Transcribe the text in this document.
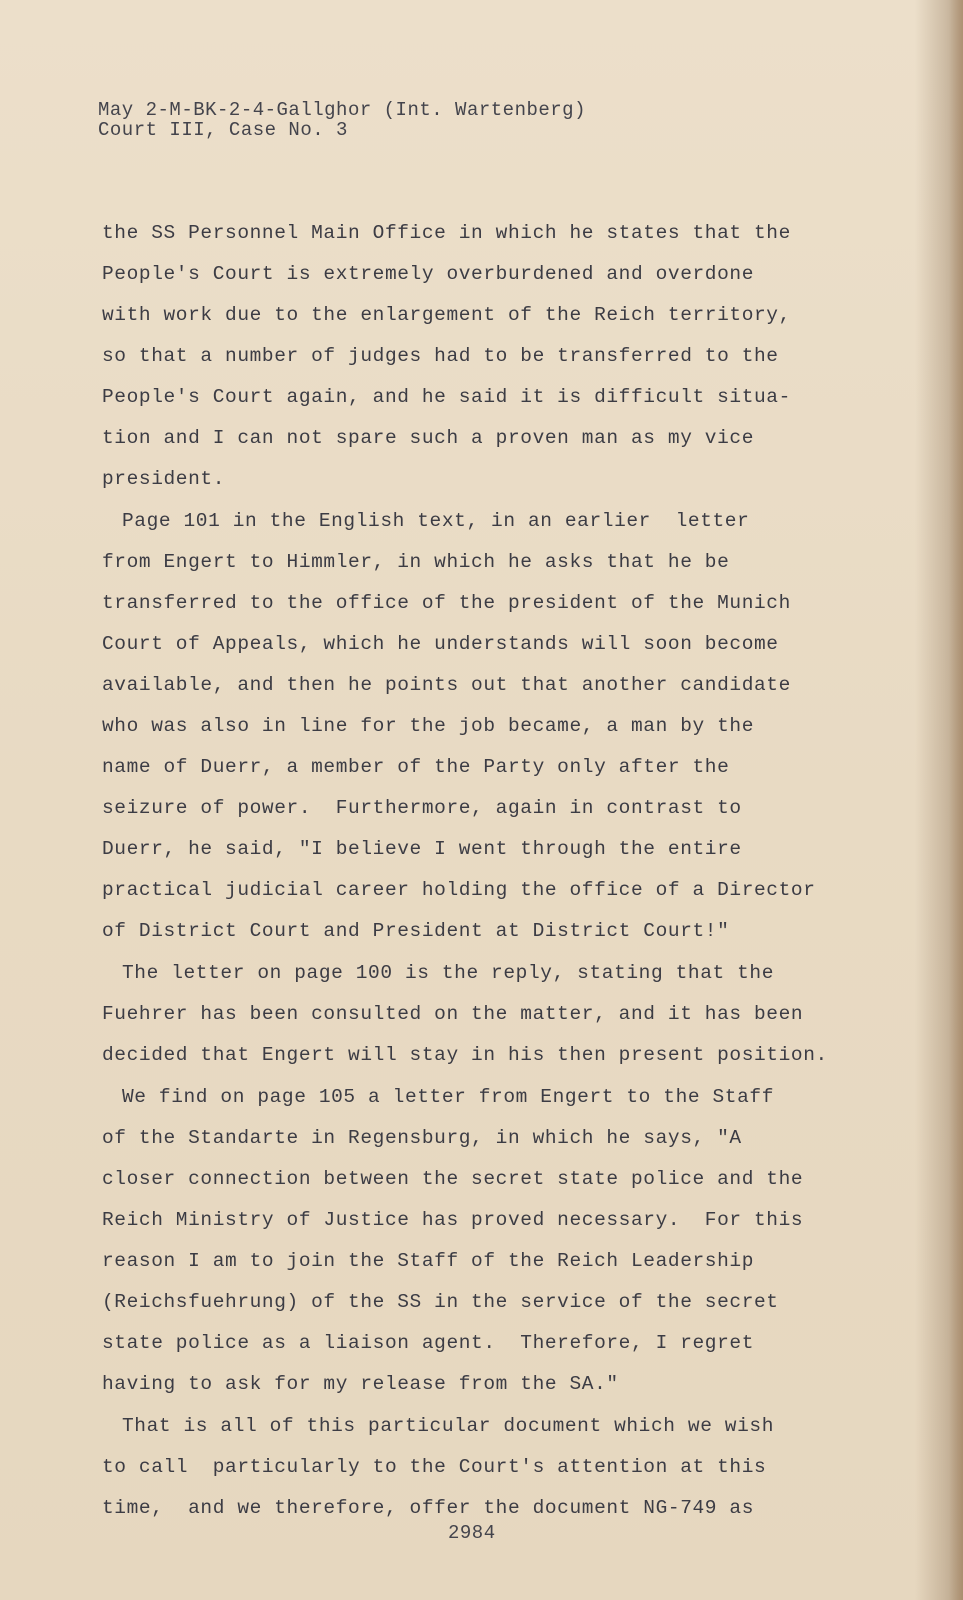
May 2-M-BK-2-4-Gallghor (Int. Wartenberg)
Court III, Case No. 3
the SS Personnel Main Office in which he states that the
People's Court is extremely overburdened and overdone
with work due to the enlargement of the Reich territory,
so that a number of judges had to be transferred to the
People's Court again, and he said it is difficult situa-
tion and I can not spare such a proven man as my vice
president.
Page 101 in the English text, in an earlier  letter
from Engert to Himmler, in which he asks that he be
transferred to the office of the president of the Munich
Court of Appeals, which he understands will soon become
available, and then he points out that another candidate
who was also in line for the job became, a man by the
name of Duerr, a member of the Party only after the
seizure of power.  Furthermore, again in contrast to
Duerr, he said, "I believe I went through the entire
practical judicial career holding the office of a Director
of District Court and President at District Court!"
The letter on page 100 is the reply, stating that the
Fuehrer has been consulted on the matter, and it has been
decided that Engert will stay in his then present position.
We find on page 105 a letter from Engert to the Staff
of the Standarte in Regensburg, in which he says, "A
closer connection between the secret state police and the
Reich Ministry of Justice has proved necessary.  For this
reason I am to join the Staff of the Reich Leadership
(Reichsfuehrung) of the SS in the service of the secret
state police as a liaison agent.  Therefore, I regret
having to ask for my release from the SA."
That is all of this particular document which we wish
to call  particularly to the Court's attention at this
time,  and we therefore, offer the document NG-749 as
2984
